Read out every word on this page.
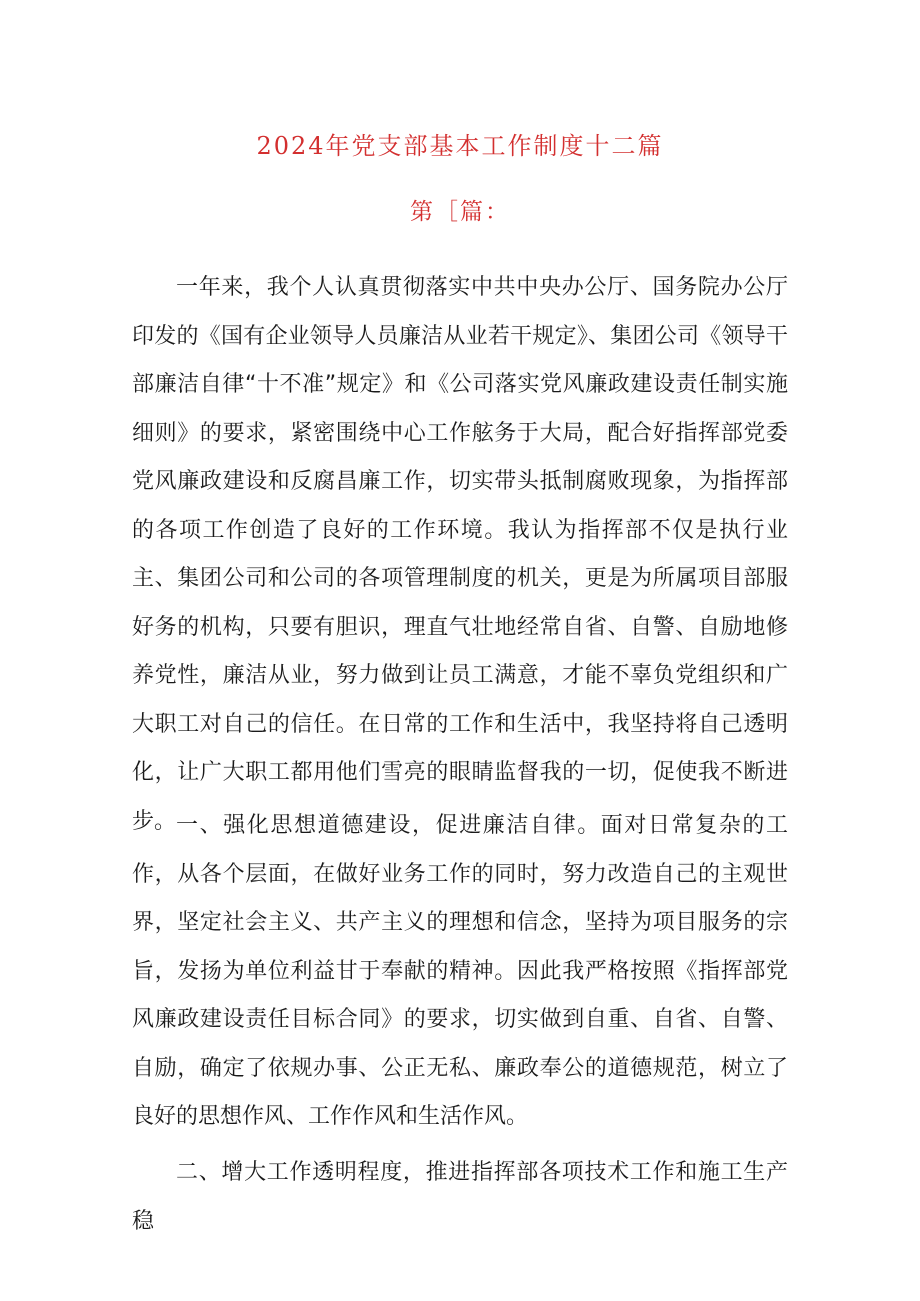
2024年党支部基本工作制度十二篇
第［篇：

一年来，我个人认真贯彻落实中共中央办公厅、国务院办公厅印发的《国有企业领导人员廉洁从业若干规定》、集团公司《领导干部廉洁自律“十不准”规定》和《公司落实党风廉政建设责任制实施细则》的要求，紧密围绕中心工作舷务于大局，配合好指挥部党委党风廉政建设和反腐昌廉工作，切实带头抵制腐败现象，为指挥部的各项工作创造了良好的工作环境。我认为指挥部不仅是执行业主、集团公司和公司的各项管理制度的机关，更是为所属项目部服好务的机构，只要有胆识，理直气壮地经常自省、自警、自励地修养党性，廉洁从业，努力做到让员工满意，才能不辜负党组织和广大职工对自己的信任。在日常的工作和生活中，我坚持将自己透明化，让广大职工都用他们雪亮的眼睛监督我的一切，促使我不断进步。 一、强化思想道德建设，促进廉洁自律。面对日常复杂的工作，从各个层面，在做好业务工作的同时，努力改造自己的主观世界，坚定社会主义、共产主义的理想和信念，坚持为项目服务的宗旨，发扬为单位利益甘于奉献的精神。因此我严格按照《指挥部党风廉政建设责任目标合同》的要求，切实做到自重、自省、自警、自励，确定了依规办事、公正无私、廉政奉公的道德规范，树立了良好的思想作风、工作作风和生活作风。

二、增大工作透明程度，推进指挥部各项技术工作和施工生产稳
